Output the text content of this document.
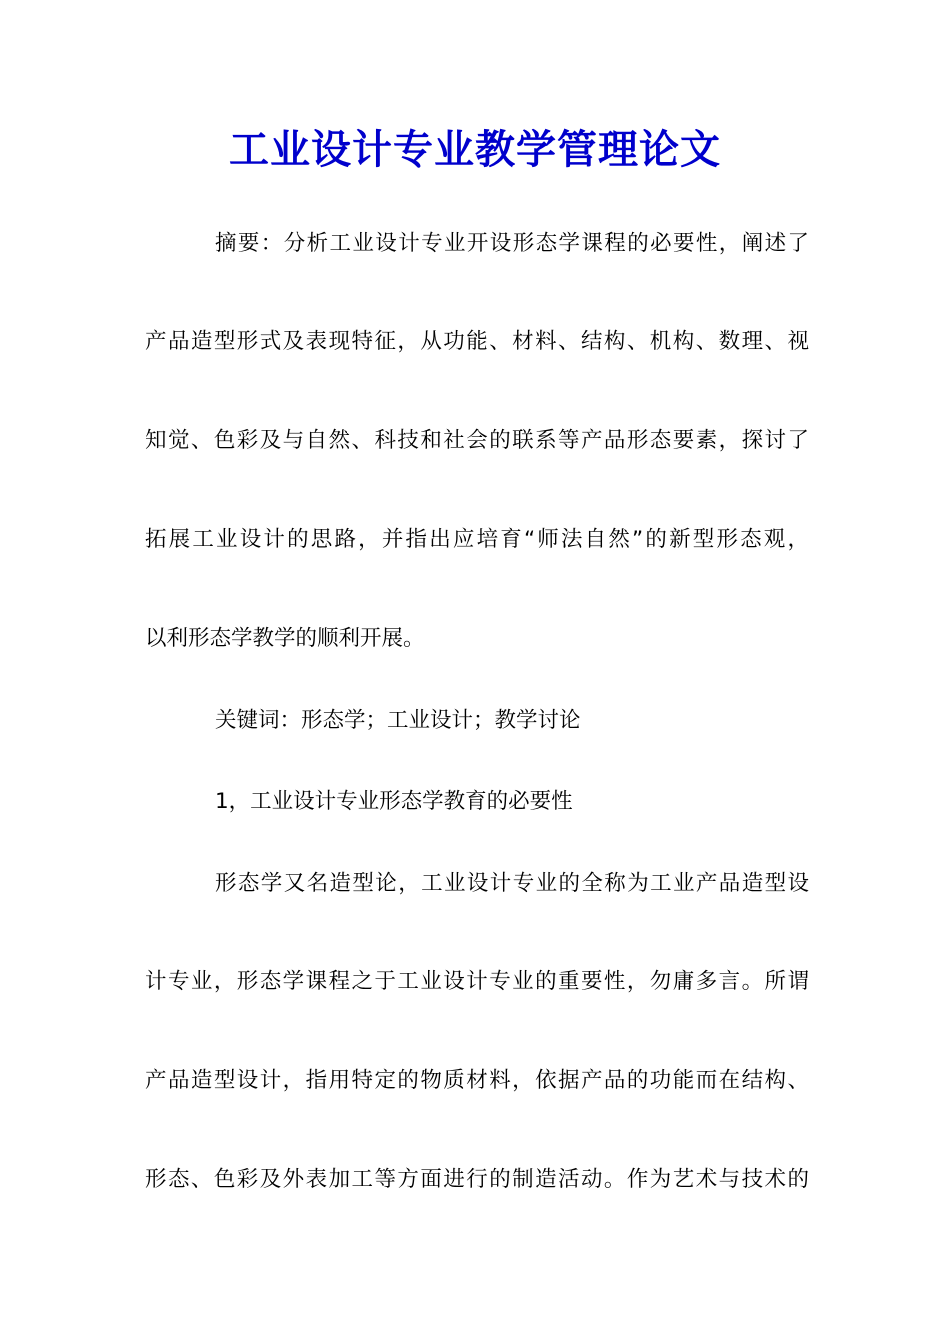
工业设计专业教学管理论文
摘要：分析工业设计专业开设形态学课程的必要性，阐述了
产品造型形式及表现特征，从功能、材料、结构、机构、数理、视
知觉、色彩及与自然、科技和社会的联系等产品形态要素，探讨了
拓展工业设计的思路，并指出应培育“师法自然”的新型形态观，
以利形态学教学的顺利开展。
关键词：形态学；工业设计；教学讨论
1，工业设计专业形态学教育的必要性
形态学又名造型论，工业设计专业的全称为工业产品造型设
计专业，形态学课程之于工业设计专业的重要性，勿庸多言。所谓
产品造型设计，指用特定的物质材料，依据产品的功能而在结构、
形态、色彩及外表加工等方面进行的制造活动。作为艺术与技术的
